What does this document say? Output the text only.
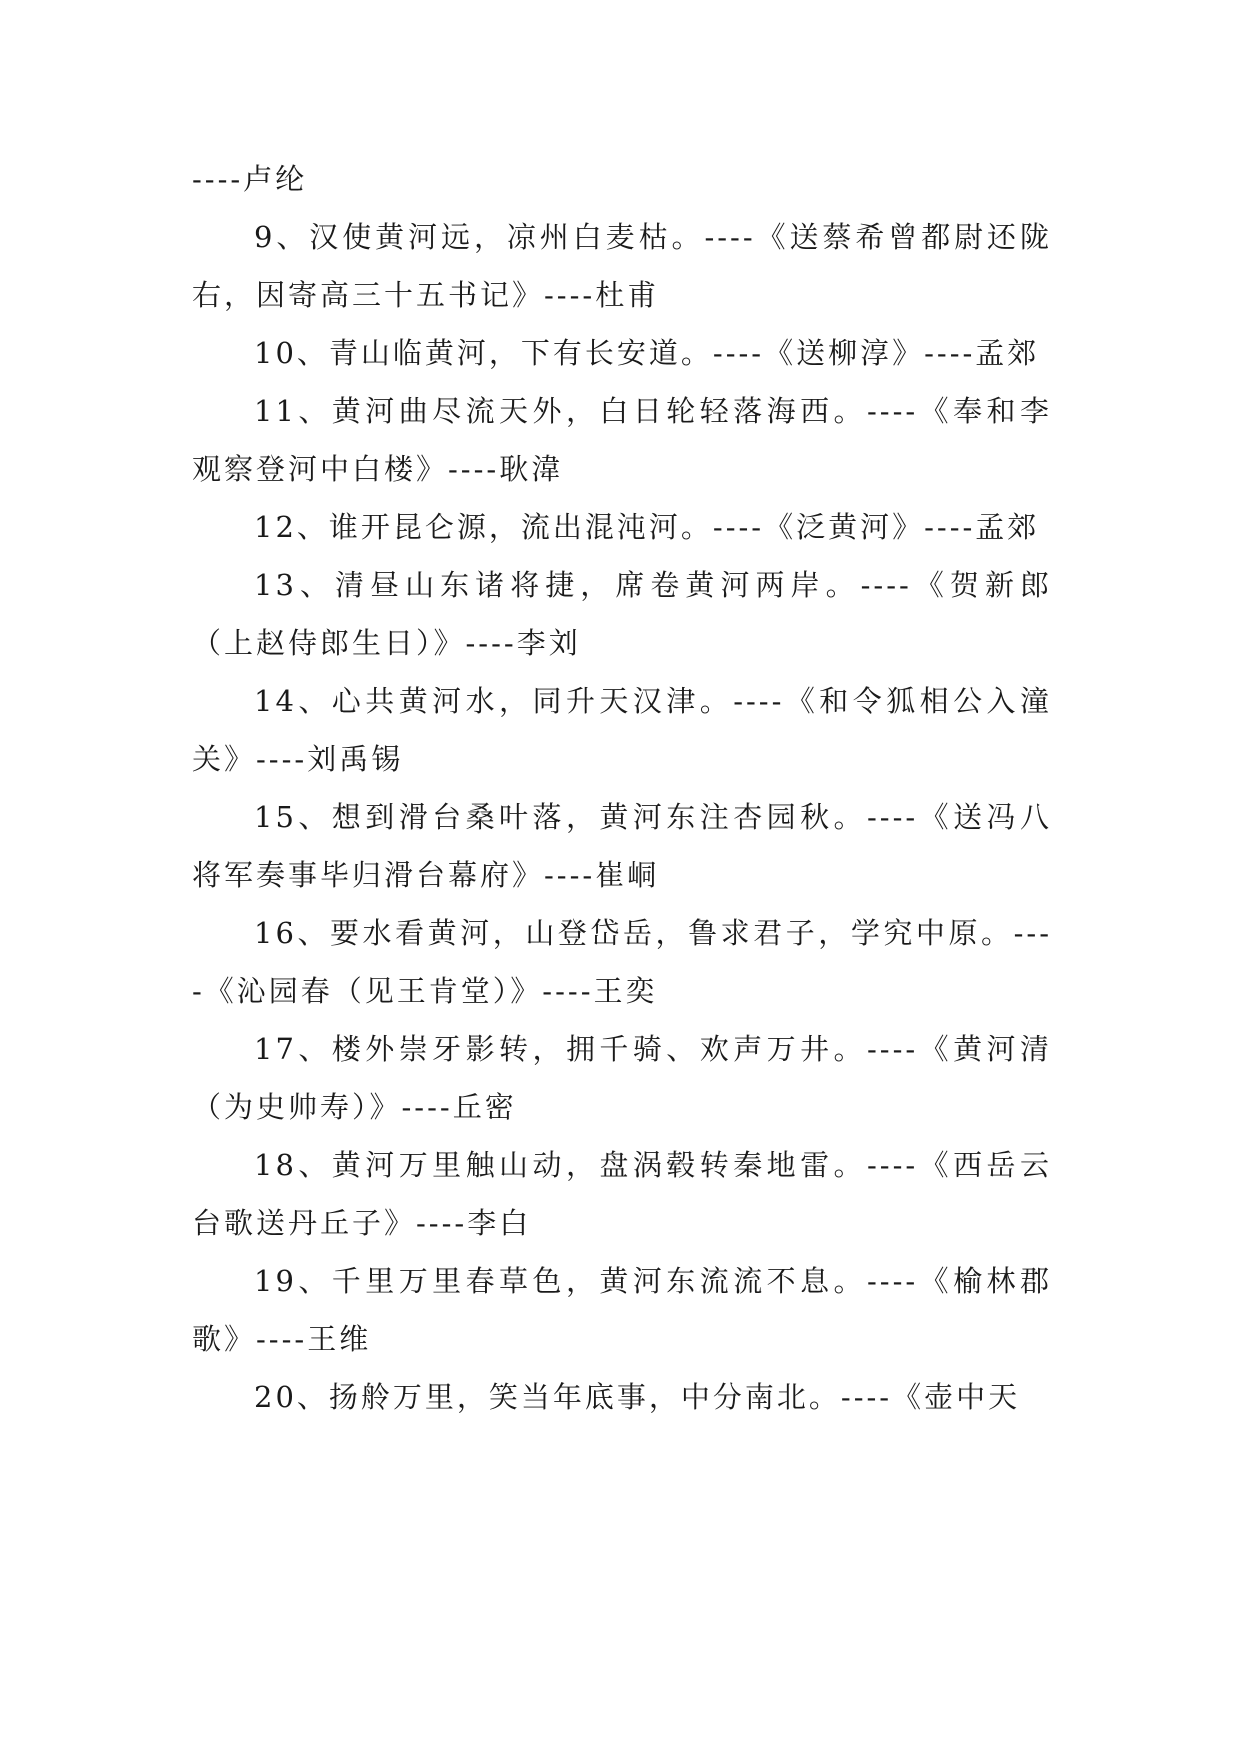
----卢纶

9、汉使黄河远，凉州白麦枯。----《送蔡希曾都尉还陇右，因寄高三十五书记》----杜甫

10、青山临黄河，下有长安道。----《送柳淳》----孟郊

11、黄河曲尽流天外，白日轮轻落海西。----《奉和李观察登河中白楼》----耿湋

12、谁开昆仑源，流出混沌河。----《泛黄河》----孟郊

13、清昼山东诸将捷，席卷黄河两岸。----《贺新郎（上赵侍郎生日）》----李刘

14、心共黄河水，同升天汉津。----《和令狐相公入潼关》----刘禹锡

15、想到滑台桑叶落，黄河东注杏园秋。----《送冯八将军奏事毕归滑台幕府》----崔峒

16、要水看黄河，山登岱岳，鲁求君子，学究中原。----《沁园春（见王肯堂）》----王奕

17、楼外崇牙影转，拥千骑、欢声万井。----《黄河清（为史帅寿）》----丘密

18、黄河万里触山动，盘涡毂转秦地雷。----《西岳云台歌送丹丘子》----李白

19、千里万里春草色，黄河东流流不息。----《榆林郡歌》----王维

20、扬舲万里，笑当年底事，中分南北。----《壶中天
